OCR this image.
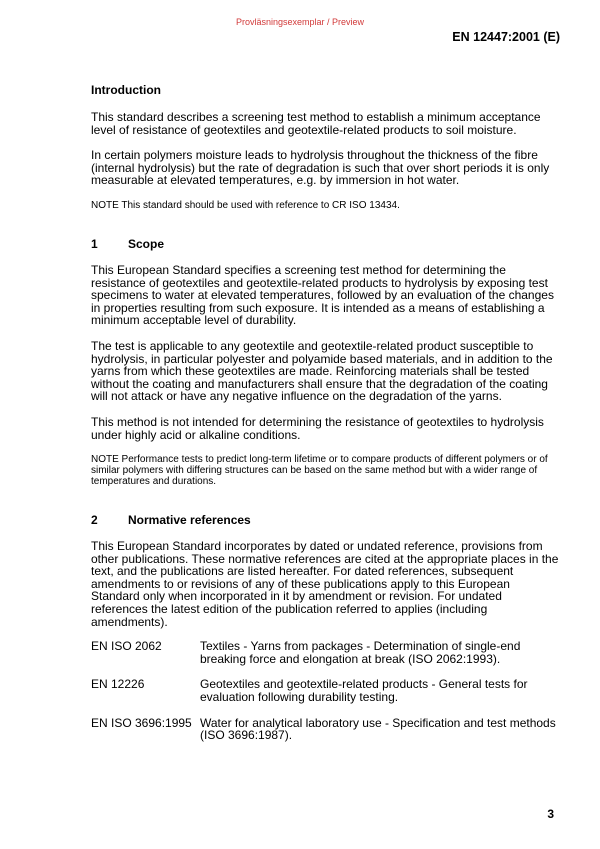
Provläsningsexemplar / Preview
EN 12447:2001 (E)
Introduction

This standard describes a screening test method to establish a minimum acceptance level of resistance of geotextiles and geotextile-related products to soil moisture.

In certain polymers moisture leads to hydrolysis throughout the thickness of the fibre (internal hydrolysis) but the rate of degradation is such that over short periods it is only measurable at elevated temperatures, e.g. by immersion in hot water.

NOTE This standard should be used with reference to CR ISO 13434.

1	Scope

This European Standard specifies a screening test method for determining the resistance of geotextiles and geotextile-related products to hydrolysis by exposing test specimens to water at elevated temperatures, followed by an evaluation of the changes in properties resulting from such exposure. It is intended as a means of establishing a minimum acceptable level of durability.

The test is applicable to any geotextile and geotextile-related product susceptible to hydrolysis, in particular polyester and polyamide based materials, and in addition to the yarns from which these geotextiles are made. Reinforcing materials shall be tested without the coating and manufacturers shall ensure that the degradation of the coating will not attack or have any negative influence on the degradation of the yarns.

This method is not intended for determining the resistance of geotextiles to hydrolysis under highly acid or alkaline conditions.

NOTE Performance tests to predict long-term lifetime or to compare products of different polymers or of similar polymers with differing structures can be based on the same method but with a wider range of temperatures and durations.

2	Normative references

This European Standard incorporates by dated or undated reference, provisions from other publications. These normative references are cited at the appropriate places in the text, and the publications are listed hereafter. For dated references, subsequent amendments to or revisions of any of these publications apply to this European Standard only when incorporated in it by amendment or revision. For undated references the latest edition of the publication referred to applies (including amendments).

EN ISO 2062	Textiles - Yarns from packages - Determination of single-end breaking force and elongation at break (ISO 2062:1993).
EN 12226	Geotextiles and geotextile-related products - General tests for evaluation following durability testing.
EN ISO 3696:1995 Water for analytical laboratory use - Specification and test methods (ISO 3696:1987).
3
